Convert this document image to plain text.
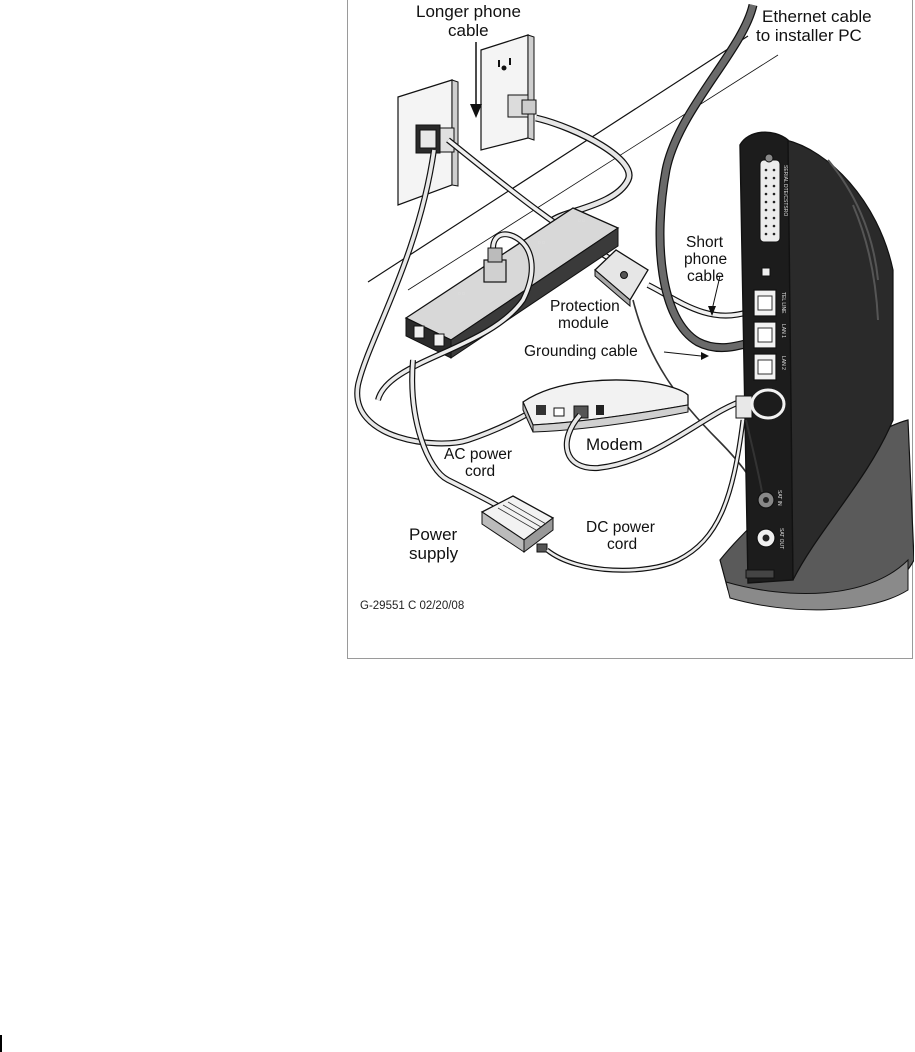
o o
o o
o o
SERIAL DTE/CSTSRO
TEL LINE
LAN 1
LAN 2
SAT IN
SAT OUT
Longer phone
cable
Ethernet cable
to installer PC
Short
phone
cable
Protection
module
Grounding cable
Modem
AC power
cord
Power
supply
DC power
cord
G-29551 C 02/20/08
